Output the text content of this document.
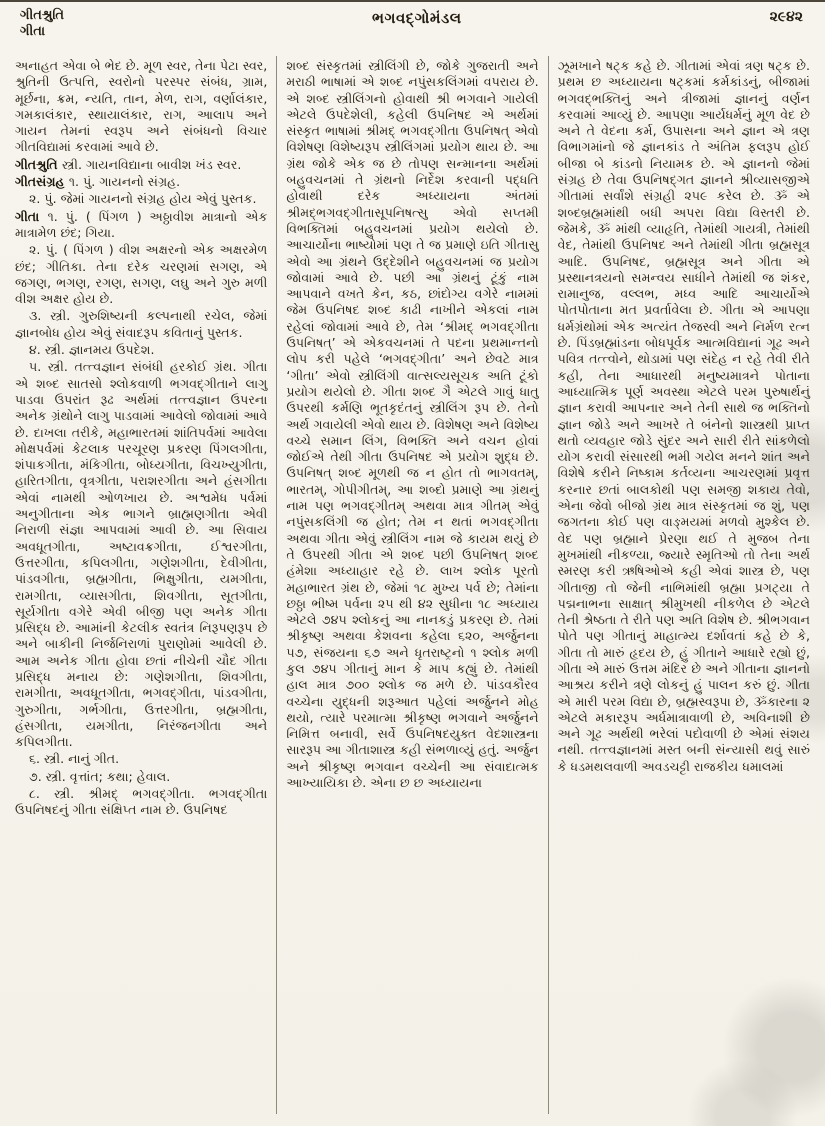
ગીતશ્રુતિ
ગીતા
ભગવદ્ગોમંડલ	૨૯૪૨

અનાહત એવા બે ભેદ છે. મૂળ સ્વર, તેના પેટા સ્વર, શ્રુતિની ઉત્પત્તિ, સ્વરોનો પરસ્પર સંબંધ, ગ્રામ, મૂર્છના, ક્રમ, ન્યતિ, તાન, મેળ, રાગ, વર્ણાલંકાર, ગમકાલંકાર, સ્થાયાલંકાર, રાગ, આલાપ અને ગાયન તેમનાં સ્વરૂપ અને સંબંધનો વિચાર ગીતવિદ્યામાં કરવામાં આવે છે.

ગીતશ્રુતિ સ્ત્રી. ગાયનવિદ્યાના બાવીશ ખંડ સ્વર.

ગીતસંગ્રહ ૧. પું. ગાયનનો સંગ્રહ.

૨. પું. જેમાં ગાયનનો સંગ્રહ હોય એવું પુસ્તક.

ગીતા ૧. પું. ( પિંગળ ) અઠ્ઠાવીશ માત્રાનો એક માત્રામેળ છંદ; ગિયા.

૨. પું. ( પિંગળ ) વીશ અક્ષરનો એક અક્ષરમેળ છંદ; ગીતિકા. તેના દરેક ચરણમાં સગણ, એ જગણ, ભગણ, રગણ, સગણ, લઘુ અને ગુરુ મળી વીશ અક્ષર હોય છે.

૩. સ્ત્રી. ગુરુશિષ્યની કલ્પનાથી રચેલ, જેમાં જ્ઞાનબોધ હોય એવું સંવાદરૂપ કવિતાનું પુસ્તક.

૪. સ્ત્રી. જ્ઞાનમય ઉપદેશ.

૫. સ્ત્રી. તત્ત્વજ્ઞાન સંબંધી હરકોઈ ગ્રંથ. ગીતા એ શબ્દ સાતસો શ્લોકવાળી ભગવદ્ગીતાને લાગુ પાડવા ઉપરાંત રૂઢ અર્થમાં તત્ત્વજ્ઞાન ઉપરના અનેક ગ્રંથોને લાગુ પાડવામાં આવેલો જોવામાં આવે છે. દાખલા તરીકે, મહાભારતમાં શાંતિપર્વમાં આવેલા મોક્ષપર્વમાં કેટલાક પરચૂરણ પ્રકરણ પિંગલગીતા, શંપાકગીતા, મંકિગીતા, બોધ્યગીતા, વિચખ્યુગીતા, હારિતગીતા, વૃત્રગીતા, પરાશરગીતા અને હંસગીતા એવાં નામથી ઓળખાય છે. અશ્વમેધ પર્વમાં અનુગીતાના એક ભાગને બ્રાહ્મણગીતા એવી નિરાળી સંજ્ઞા આપવામાં આવી છે. આ સિવાય અવધૂતગીતા, અષ્ટાવક્રગીતા, ઈશ્વરગીતા, ઉત્તરગીતા, કપિલગીતા, ગણેશગીતા, દેવીગીતા, પાંડવગીતા, બ્રહ્મગીતા, ભિક્ષુગીતા, યમગીતા, રામગીતા, વ્યાસગીતા, શિવગીતા, સૂતગીતા, સૂર્યગીતા વગેરે એવી બીજી પણ અનેક ગીતા પ્રસિદ્ધ છે. આમાંની કેટલીક સ્વતંત્ર નિરૂપણરૂપ છે અને બાકીની નિર્જનિરાળાં પુરાણોમાં આવેલી છે. આમ અનેક ગીતા હોવા છતાં નીચેની ચૌદ ગીતા પ્રસિદ્ધ મનાય છે: ગણેશગીતા, શિવગીતા, રામગીતા, અવધૂતગીતા, ભગવદ્ગીતા, પાંડવગીતા, ગુરુગીતા, ગર્ભગીતા, ઉત્તરગીતા, બ્રહ્મગીતા, હંસગીતા, યમગીતા, નિરંજનગીતા અને કપિલગીતા.

૬. સ્ત્રી. નાનું ગીત.

૭. સ્ત્રી. વૃત્તાંત; કથા; હેવાલ.

૮. સ્ત્રી. શ્રીમદ્ ભગવદ્ગીતા. ભગવદ્ગીતા ઉપનિષદનું ગીતા સંક્ષિપ્ત નામ છે. ઉપનિષદ

શબ્દ સંસ્કૃતમાં સ્ત્રીલિંગી છે, જોકે ગુજરાતી અને મરાઠી ભાષામાં એ શબ્દ નપુંસકલિંગમાં વપરાય છે. એ શબ્દ સ્ત્રીલિંગનો હોવાથી શ્રી ભગવાને ગાયેલી એટલે ઉપદેશેલી, કહેલી ઉપનિષદ એ અર્થમાં સંસ્કૃત ભાષામાં શ્રીમદ્ ભગવદ્ગીતા ઉપનિષત્ એવો વિશેષણ વિશેષ્યરૂપ સ્ત્રીલિંગમાં પ્રયોગ થાય છે. આ ગ્રંથ જોકે એક જ છે તોપણ સન્માનના અર્થમાં બહુવચનમાં તે ગ્રંથનો નિર્દેશ કરવાની પદ્ધતિ હોવાથી દરેક અધ્યાયના અંતમાં શ્રીમદ્ભગવદ્ગીતાસૂપનિષત્સુ એવો સપ્તમી વિભક્તિમાં બહુવચનમાં પ્રયોગ થયેલો છે. આચાર્યોના ભાષ્યોમાં પણ તે જ પ્રમાણે ઇતિ ગીતાસુ એવો આ ગ્રંથને ઉદ્દેશીને બહુવચનમાં જ પ્રયોગ જોવામાં આવે છે. પછી આ ગ્રંથનું ટૂંકું નામ આપવાને વખતે કેન, કઠ, છાંદોગ્ય વગેરે નામમાં જેમ ઉપનિષદ શબ્દ કાઢી નાખીને એકલાં નામ રહેલાં જોવામાં આવે છે, તેમ ‘શ્રીમદ્ ભગવદ્ગીતા ઉપનિષત્’ એ એકવચનમાં તે પદના પ્રથમાન્તનો લોપ કરી પહેલે ‘ભગવદ્ગીતા’ અને છેવટે માત્ર ‘ગીતા’ એવો સ્ત્રીલિંગી વાત્સલ્યસૂચક અતિ ટૂંકો પ્રયોગ થયેલો છે. ગીતા શબ્દ ગૈ એટલે ગાવું ધાતુ ઉપરથી કર્મણિ ભૂતકૃદંતનું સ્ત્રીલિંગ રૂપ છે. તેનો અર્થ ગવાયેલી એવો થાય છે. વિશેષણ અને વિશેષ્ય વચ્ચે સમાન લિંગ, વિભક્તિ અને વચન હોવાં જોઈએ તેથી ગીતા ઉપનિષદ એ પ્રયોગ શુદ્ધ છે. ઉપનિષત્ શબ્દ મૂળથી જ ન હોત તો ભાગવતમ્, ભારતમ્, ગોપીગીતમ્, આ શબ્દો પ્રમાણે આ ગ્રંથનું નામ પણ ભગવદ્ગીતમ્ અથવા માત્ર ગીતમ્ એવું નપુંસકલિંગી જ હોત; તેમ ન થતાં ભગવદ્ગીતા અથવા ગીતા એવું સ્ત્રીલિંગ નામ જે કાયમ થયું છે તે ઉપરથી ગીતા એ શબ્દ પછી ઉપનિષત્ શબ્દ હંમેશા અધ્યાહાર રહે છે. લાખ શ્લોક પૂરતો મહાભારત ગ્રંથ છે, જેમાં ૧૮ મુખ્ય પર્વ છે; તેમાંના છઠ્ઠા ભીષ્મ પર્વના ૨૫ થી ૪૨ સુધીના ૧૮ અધ્યાય એટલે ૭૪૫ શ્લોકનું આ નાનકડું પ્રકરણ છે. તેમાં શ્રીકૃષ્ણ અથવા કેશવના કહેલા ૬૨૦, અર્જુનના ૫૭, સંજયના ૬૭ અને ધૃતરાષ્ટ્રનો ૧ શ્લોક મળી કુલ ૭૪૫ ગીતાનું માન કે માપ કહ્યું છે. તેમાંથી હાલ માત્ર ૭૦૦ શ્લોક જ મળે છે. પાંડવકૌરવ વચ્ચેના યુદ્ધની શરૂઆત પહેલાં અર્જુનને મોહ થયો, ત્યારે પરમાત્મા શ્રીકૃષ્ણ ભગવાને અર્જુનને નિમિત્ત બનાવી, સર્વે ઉપનિષદયુક્ત વેદશાસ્ત્રના સારરૂપ આ ગીતાશાસ્ત્ર કહી સંભળાવ્યું હતું. અર્જુન અને શ્રીકૃષ્ણ ભગવાન વચ્ચેની આ સંવાદાત્મક આખ્યાયિકા છે. એના છ છ અધ્યાયના

ઝૂમખાને ષટ્ક કહે છે. ગીતામાં એવાં ત્રણ ષટ્ક છે. પ્રથમ છ અધ્યાયના ષટ્કમાં કર્મકાંડનું, બીજામાં ભગવદ્ભક્તિનું અને ત્રીજામાં જ્ઞાનનું વર્ણન કરવામાં આવ્યું છે. આપણા આર્યધર્મનું મૂળ વેદ છે અને તે વેદના કર્મ, ઉપાસના અને જ્ઞાન એ ત્રણ વિભાગમાંનો જે જ્ઞાનકાંડ તે અંતિમ ફલરૂપ હોઈ બીજા બે કાંડનો નિયામક છે. એ જ્ઞાનનો જેમાં સંગ્રહ છે તેવા ઉપનિષદ્ગત જ્ઞાનને શ્રીવ્યાસજીએ ગીતામાં સર્વાંશે સંગ્રહી ૨૫૯ કરેલ છે. ૐ એ શબ્દબ્રહ્મમાંથી બધી અપરા વિદ્યા વિસ્તરી છે. જેમકે, ૐ માંથી વ્યાહૃતિ, તેમાંથી ગાયત્રી, તેમાંથી વેદ, તેમાંથી ઉપનિષદ અને તેમાંથી ગીતા બ્રહ્મસૂત્ર આદિ. ઉપનિષદ, બ્રહ્મસૂત્ર અને ગીતા એ પ્રસ્થાનત્રયનો સમન્વય સાધીને તેમાંથી જ શંકર, રામાનુજ, વલ્લભ, મધ્વ આદિ આચાર્યોએ પોતપોતાના મત પ્રવર્તાવેલા છે. ગીતા એ આપણા ધર્મગ્રંથોમાં એક અત્યંત તેજસ્વી અને નિર્મળ રત્ન છે. પિંડબ્રહ્માંડના બોધપૂર્વક આત્મવિદ્યાનાં ગૂઢ અને પવિત્ર તત્ત્વોને, થોડામાં પણ સંદેહ ન રહે તેવી રીતે કહી, તેના આધારથી મનુષ્યમાત્રને પોતાના આધ્યાત્મિક પૂર્ણ અવસ્થા એટલે પરમ પુરુષાર્થનું જ્ઞાન કરાવી આપનાર અને તેની સાથે જ ભક્તિનો જ્ઞાન જોડે અને આખરે તે બંનેનો શાસ્ત્રથી પ્રાપ્ત થતો વ્યવહાર જોડે સુંદર અને સારી રીતે સાંકળેલો યોગ કરાવી સંસારથી ભમી ગયેલ મનને શાંત અને વિશેષે કરીને નિષ્કામ કર્તવ્યના આચરણમાં પ્રવૃત્ત કરનાર છતાં બાલકોથી પણ સમજી શકાય તેવો, એના જેવો બીજો ગ્રંથ માત્ર સંસ્કૃતમાં જ શું, પણ જગતના કોઈ પણ વાઙ્મયમાં મળવો મુશ્કેલ છે. વેદ પણ બ્રહ્માને પ્રેરણા થઈ તે મુજબ તેના મુખમાંથી નીકળ્યા, જ્યારે સ્મૃતિઓ તો તેના અર્થ સ્મરણ કરી ઋષિઓએ કહી એવાં શાસ્ત્ર છે, પણ ગીતાજી તો જેની નાભિમાંથી બ્રહ્મા પ્રગટ્યા તે પદ્મનાભના સાક્ષાત્ શ્રીમુખથી નીકળેલ છે એટલે તેની શ્રેષ્ઠતા તે રીતે પણ અતિ વિશેષ છે. શ્રીભગવાન પોતે પણ ગીતાનું માહાત્મ્ય દર્શાવતાં કહે છે કે, ગીતા તો મારું હૃદય છે, હું ગીતાને આધારે રહ્યો છું, ગીતા એ મારું ઉત્તમ મંદિર છે અને ગીતાના જ્ઞાનનો આશ્રય કરીને ત્રણે લોકનું હું પાલન કરું છું. ગીતા એ મારી પરમ વિદ્યા છે, બ્રહ્મસ્વરૂપા છે, ૐકારના ૨ એટલે મકારરૂપ અર્ધમાત્રાવાળી છે, અવિનાશી છે અને ગૂઢ અર્થથી ભરેલાં પદોવાળી છે એમાં સંશય નથી. તત્ત્વજ્ઞાનમાં મસ્ત બની સંન્યાસી થવું સારું કે ધડમથલવાળી અવડચટ્ટી રાજકીય ધમાલમાં
